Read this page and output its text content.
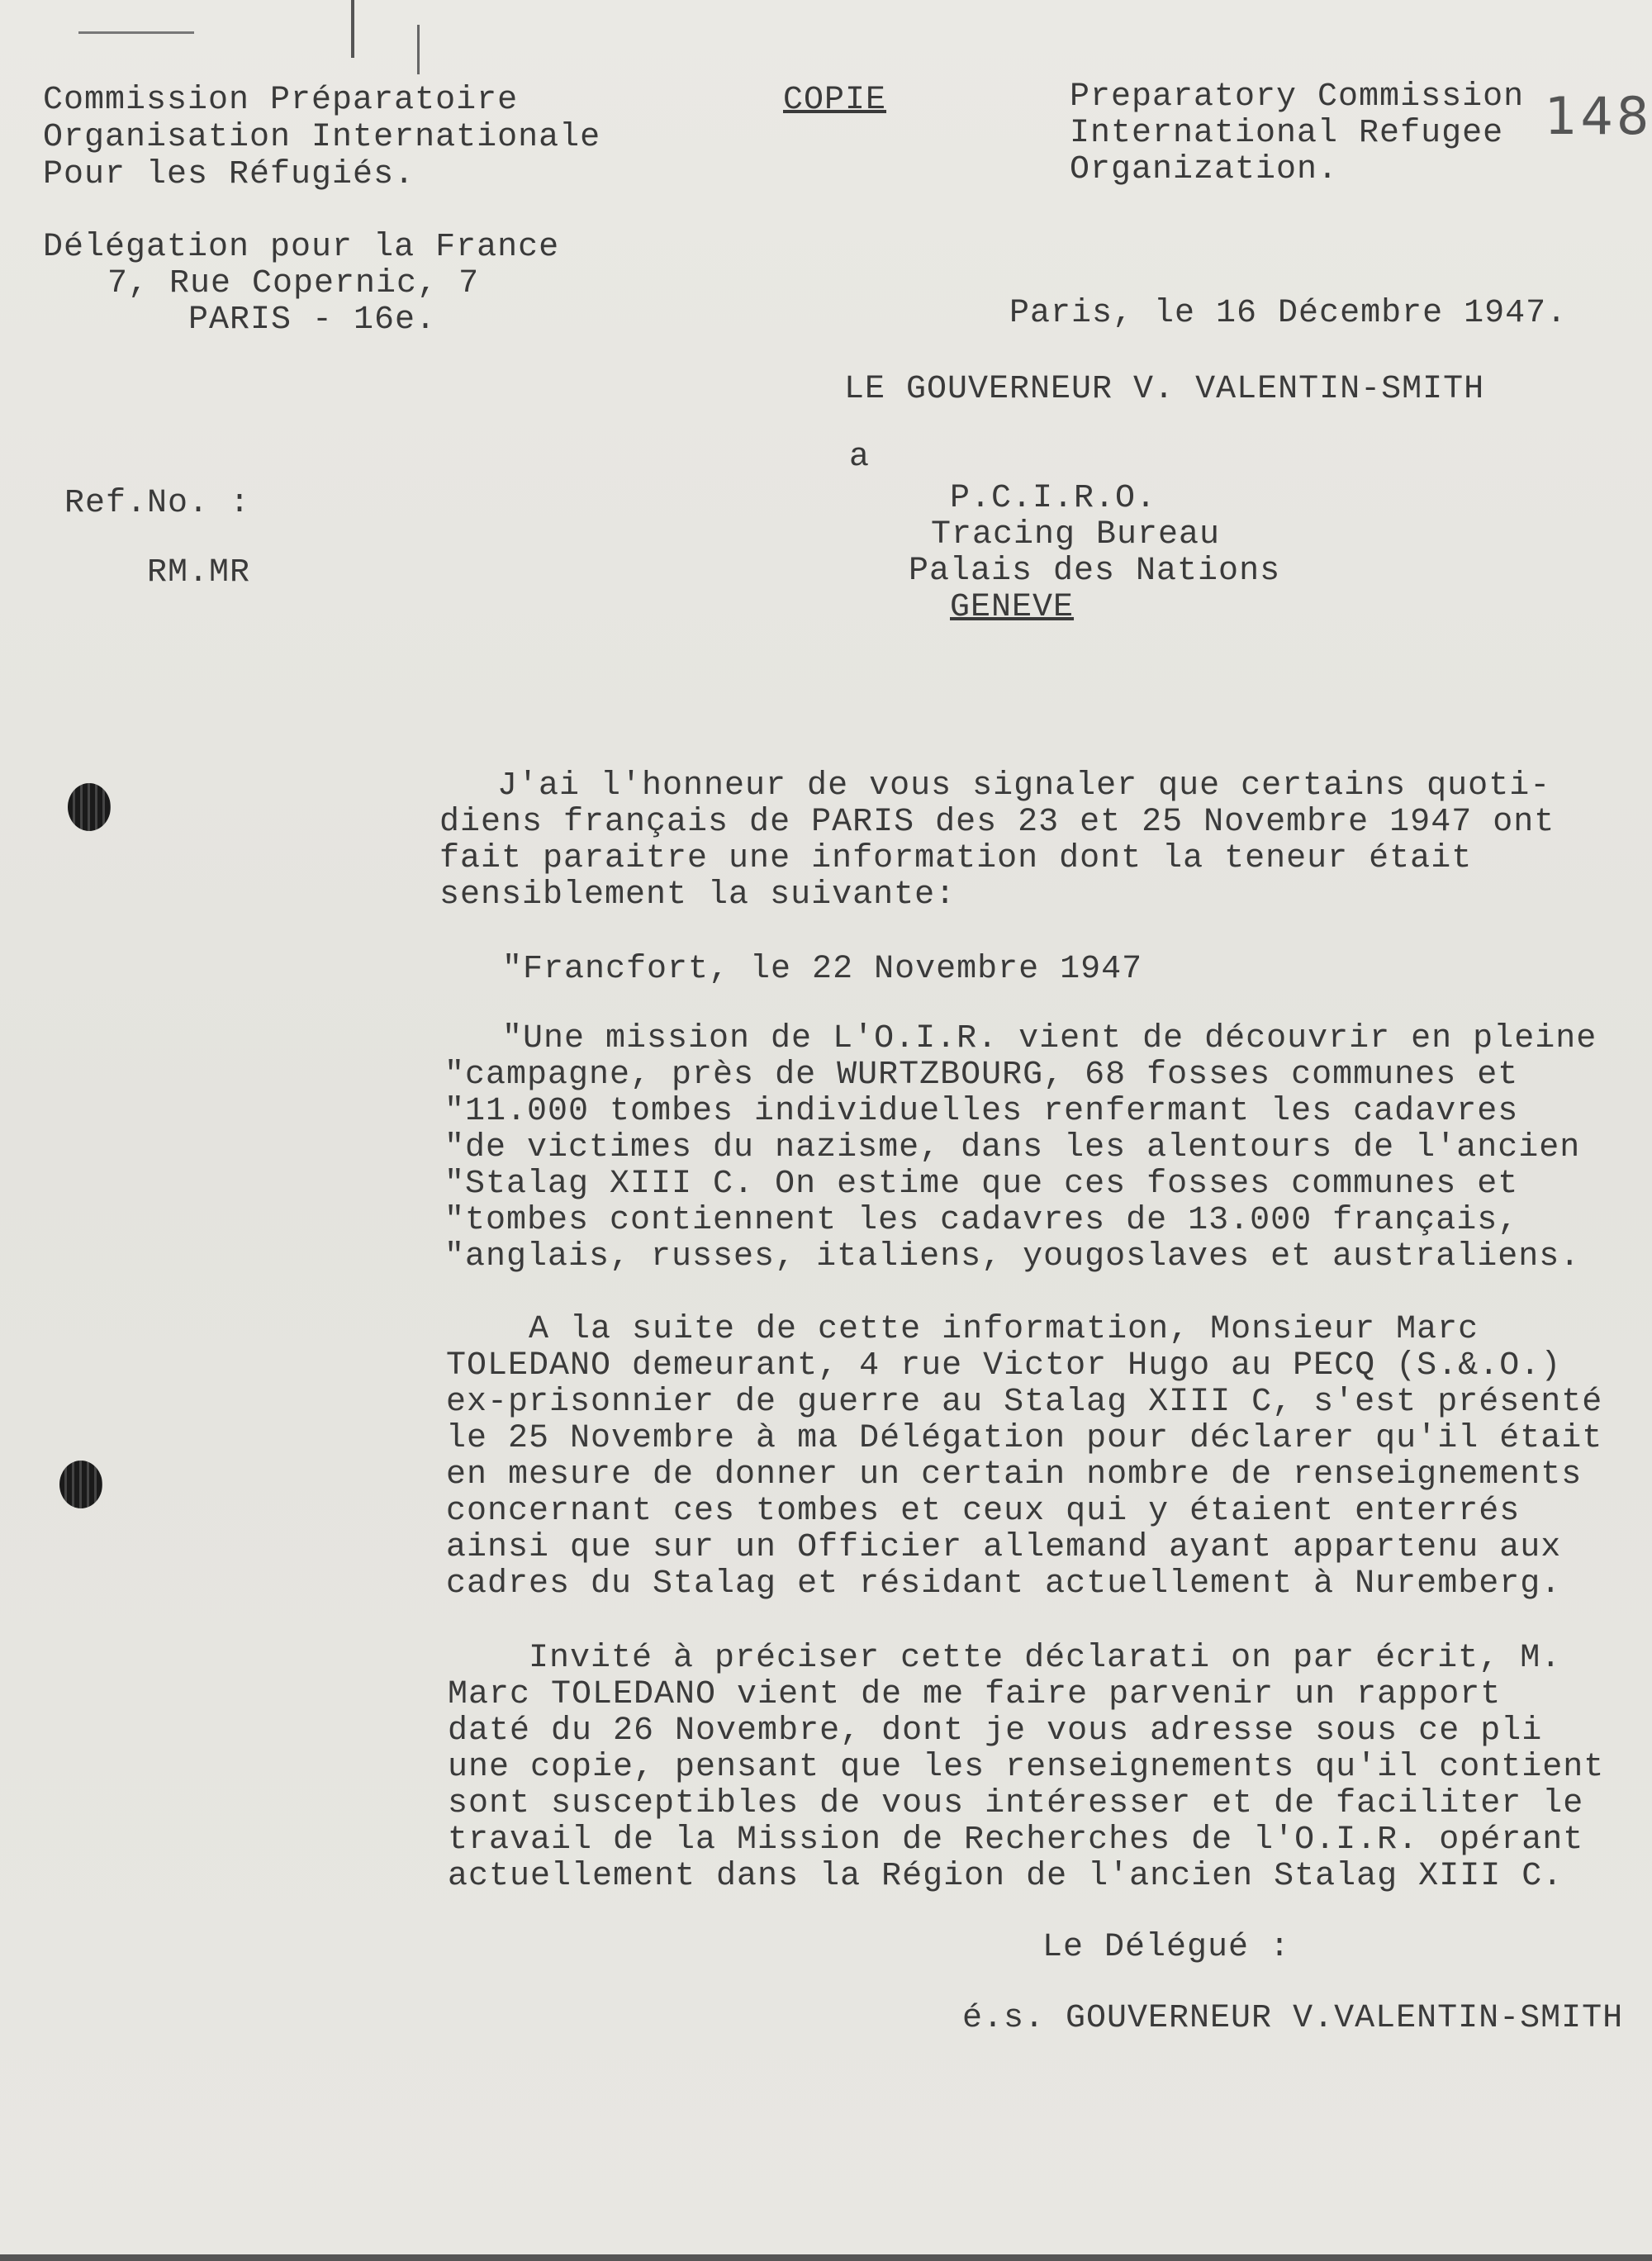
Commission Préparatoire
Organisation Internationale
Pour les Réfugiés.
COPIE	Preparatory Commission
International Refugee
Organization.
148
Délégation pour la France
7, Rue Copernic, 7
PARIS - 16e.	Paris, le 16 Décembre 1947.
LE GOUVERNEUR V. VALENTIN-SMITH
a
Ref.No. :
RM.MR
P.C.I.R.O.
Tracing Bureau
Palais des Nations
GENEVE
J'ai l'honneur de vous signaler que certains quoti-
diens français de PARIS des 23 et 25 Novembre 1947 ont
fait paraitre une information dont la teneur était
sensiblement la suivante:
"Francfort, le 22 Novembre 1947
"Une mission de L'O.I.R. vient de découvrir en pleine
"campagne, près de WURTZBOURG, 68 fosses communes et
"11.000 tombes individuelles renfermant les cadavres
"de victimes du nazisme, dans les alentours de l'ancien
"Stalag XIII C. On estime que ces fosses communes et
"tombes contiennent les cadavres de 13.000 français,
"anglais, russes, italiens, yougoslaves et australiens.
A la suite de cette information, Monsieur Marc
TOLEDANO demeurant, 4 rue Victor Hugo au PECQ (S.&.O.)
ex-prisonnier de guerre au Stalag XIII C, s'est présenté
le 25 Novembre à ma Délégation pour déclarer qu'il était
en mesure de donner un certain nombre de renseignements
concernant ces tombes et ceux qui y étaient enterrés
ainsi que sur un Officier allemand ayant appartenu aux
cadres du Stalag et résidant actuellement à Nuremberg.
Invité à préciser cette déclarati on par écrit, M.
Marc TOLEDANO vient de me faire parvenir un rapport
daté du 26 Novembre, dont je vous adresse sous ce pli
une copie, pensant que les renseignements qu'il contient
sont susceptibles de vous intéresser et de faciliter le
travail de la Mission de Recherches de l'O.I.R. opérant
actuellement dans la Région de l'ancien Stalag XIII C.
Le Délégué :
é.s. GOUVERNEUR V.VALENTIN-SMITH
